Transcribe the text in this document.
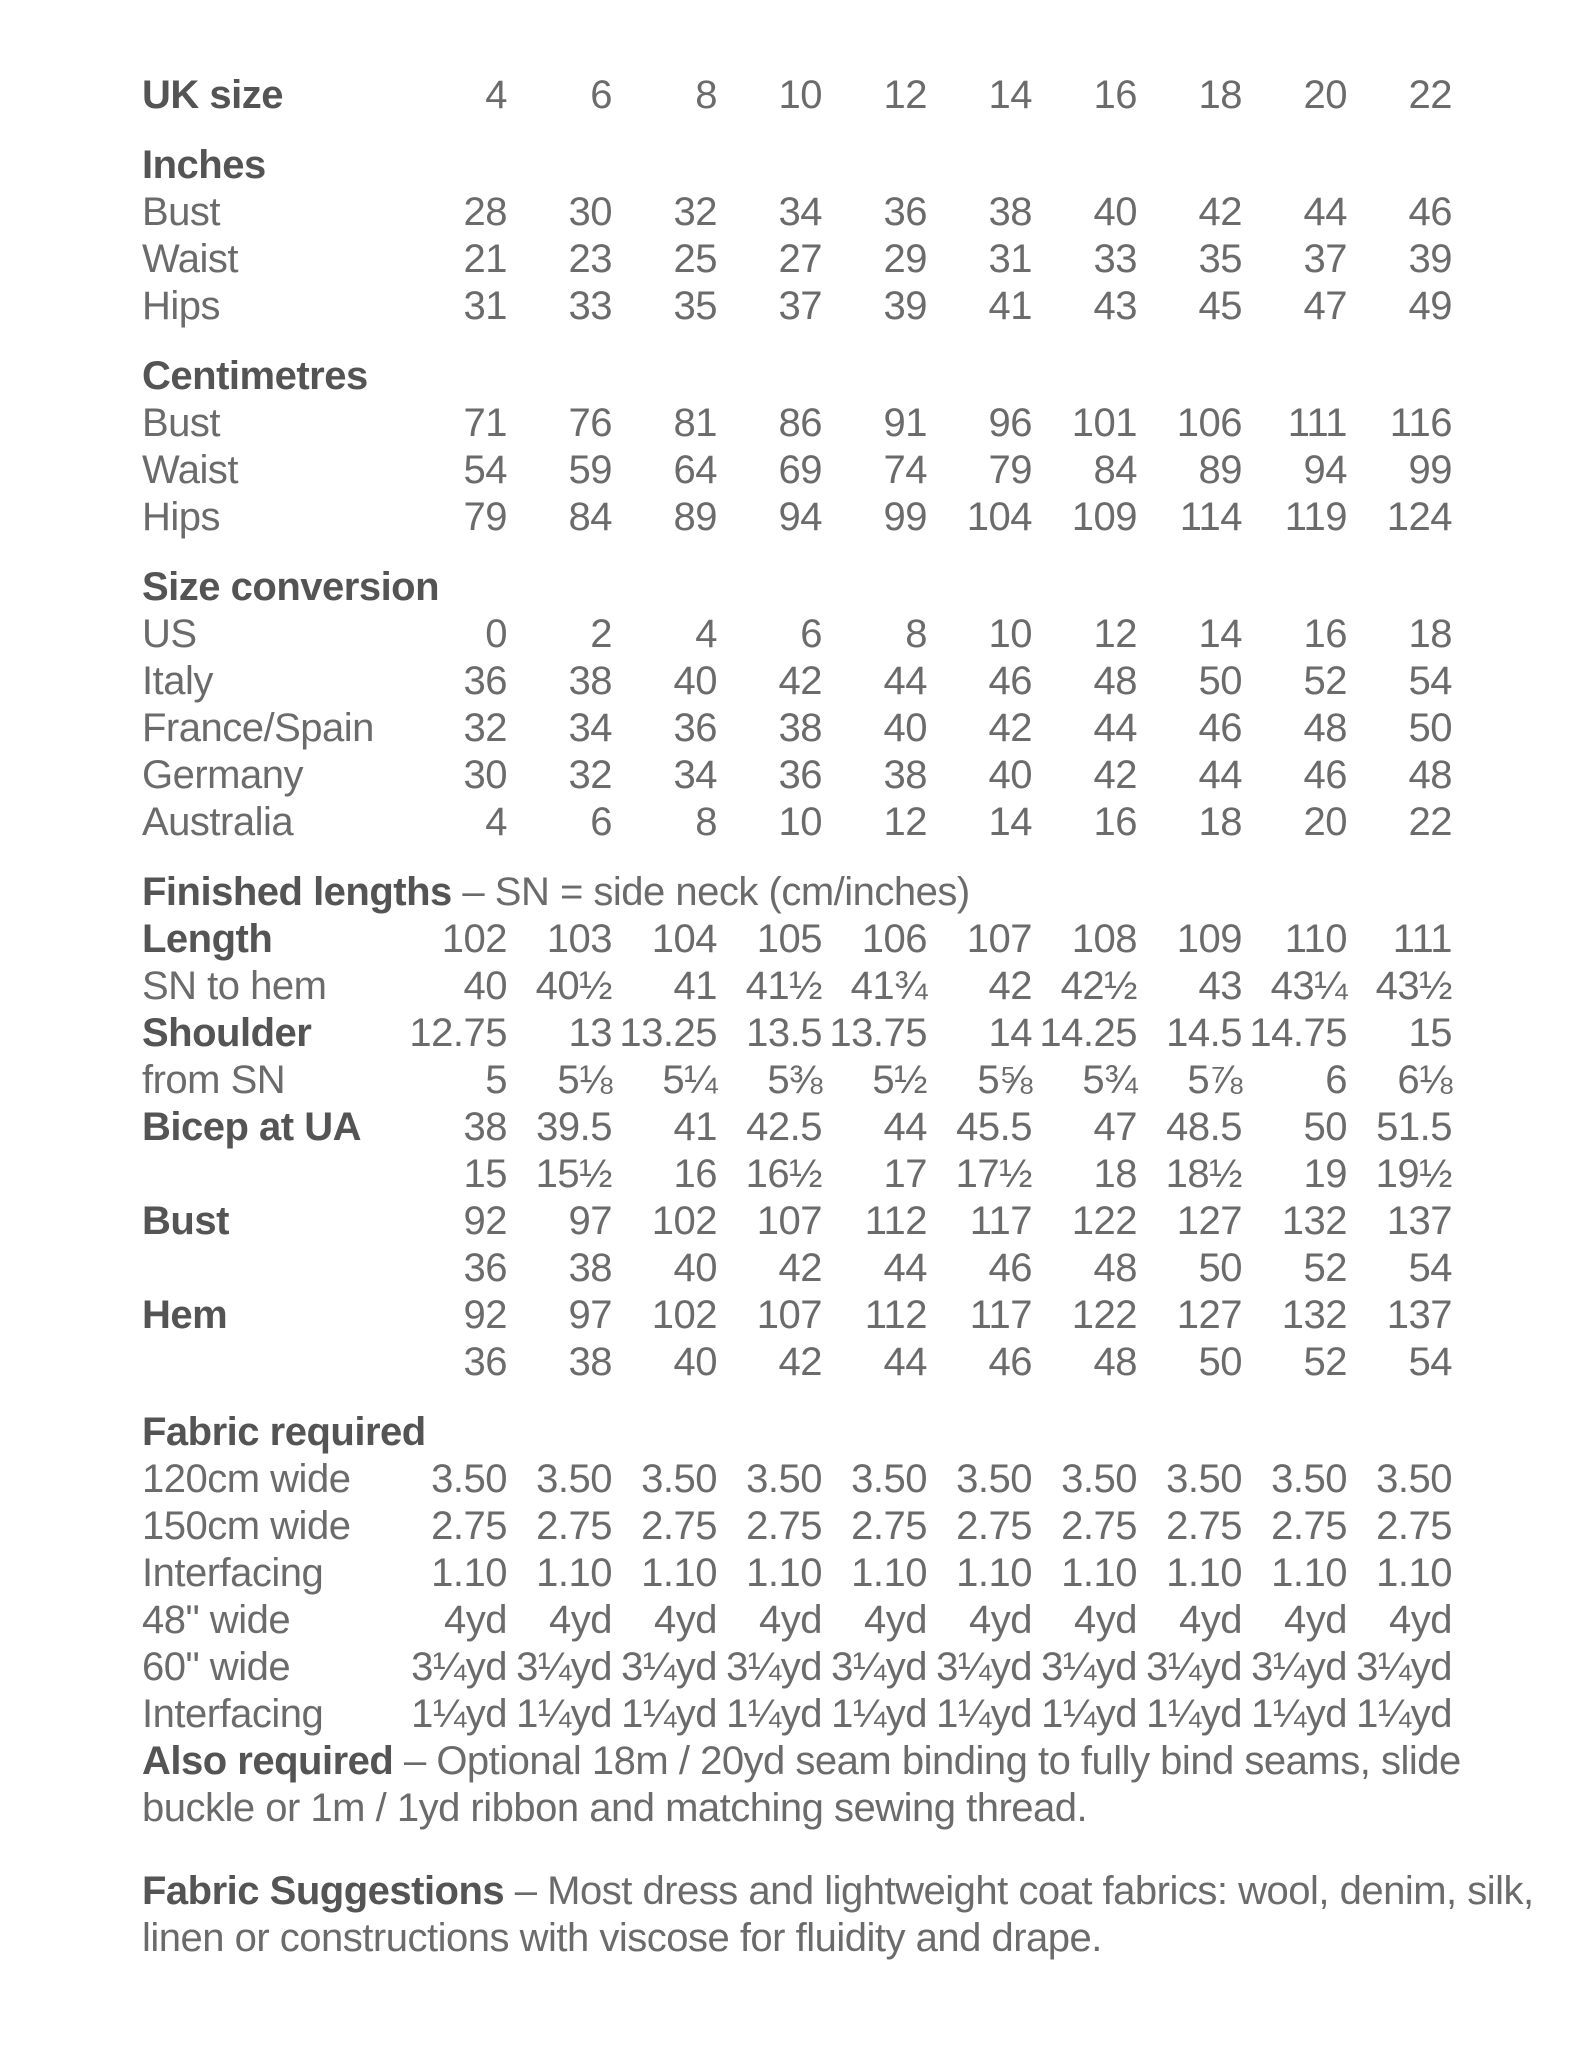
UK size	4	6	8	10	12	14	16	18	20	22
Inches
Bust	28	30	32	34	36	38	40	42	44	46
Waist	21	23	25	27	29	31	33	35	37	39
Hips	31	33	35	37	39	41	43	45	47	49
Centimetres
Bust	71	76	81	86	91	96 101 106	111	116
Waist	54	59	64	69	74	79	84	89	94	99
Hips	79	84	89	94	99 104 109	114	119 124
Size conversion
US	0	2	4	6	8	10	12	14	16	18
Italy	36	38	40	42	44	46	48	50	52	54
France/Spain	32	34	36	38	40	42	44	46	48	50
Germany	30	32	34	36	38	40	42	44	46	48
Australia	4	6	8	10	12	14	16	18	20	22
Finished lengths – SN = side neck (cm/inches)
Length	102 103 104 105 106 107 108 109	110	111
SN to hem	40 40½	41 41½ 41¾	42 42½	43 43¼ 43½
Shoulder	12.75	13 13.25 13.5 13.75	14 14.25 14.5 14.75	15
from SN	5	5⅛	5¼	5⅜	5½	5⅝	5¾	5⅞	6	6⅛
Bicep at UA	38 39.5	41 42.5	44 45.5	47 48.5	50 51.5
15 15½	16 16½	17 17½	18 18½	19 19½
Bust	92	97 102 107	112	117 122 127 132 137
36	38	40	42	44	46	48	50	52	54
Hem	92	97 102 107	112	117 122 127 132 137
36	38	40	42	44	46	48	50	52	54
Fabric required
120cm wide	3.50 3.50 3.50 3.50 3.50 3.50 3.50 3.50 3.50 3.50
150cm wide	2.75 2.75 2.75 2.75 2.75 2.75 2.75 2.75 2.75 2.75
Interfacing	1.10 1.10 1.10 1.10 1.10 1.10 1.10 1.10 1.10 1.10
48" wide	4yd	4yd	4yd	4yd	4yd	4yd	4yd	4yd	4yd	4yd
60" wide	3¼yd 3¼yd 3¼yd 3¼yd 3¼yd 3¼yd 3¼yd 3¼yd 3¼yd 3¼yd
Interfacing	1¼yd 1¼yd 1¼yd 1¼yd 1¼yd 1¼yd 1¼yd 1¼yd 1¼yd 1¼yd

Also required – Optional 18m / 20yd seam binding to fully bind seams, slide buckle or 1m / 1yd ribbon and matching sewing thread.

Fabric Suggestions – Most dress and lightweight coat fabrics: wool, denim, silk, linen or constructions with viscose for fluidity and drape.
